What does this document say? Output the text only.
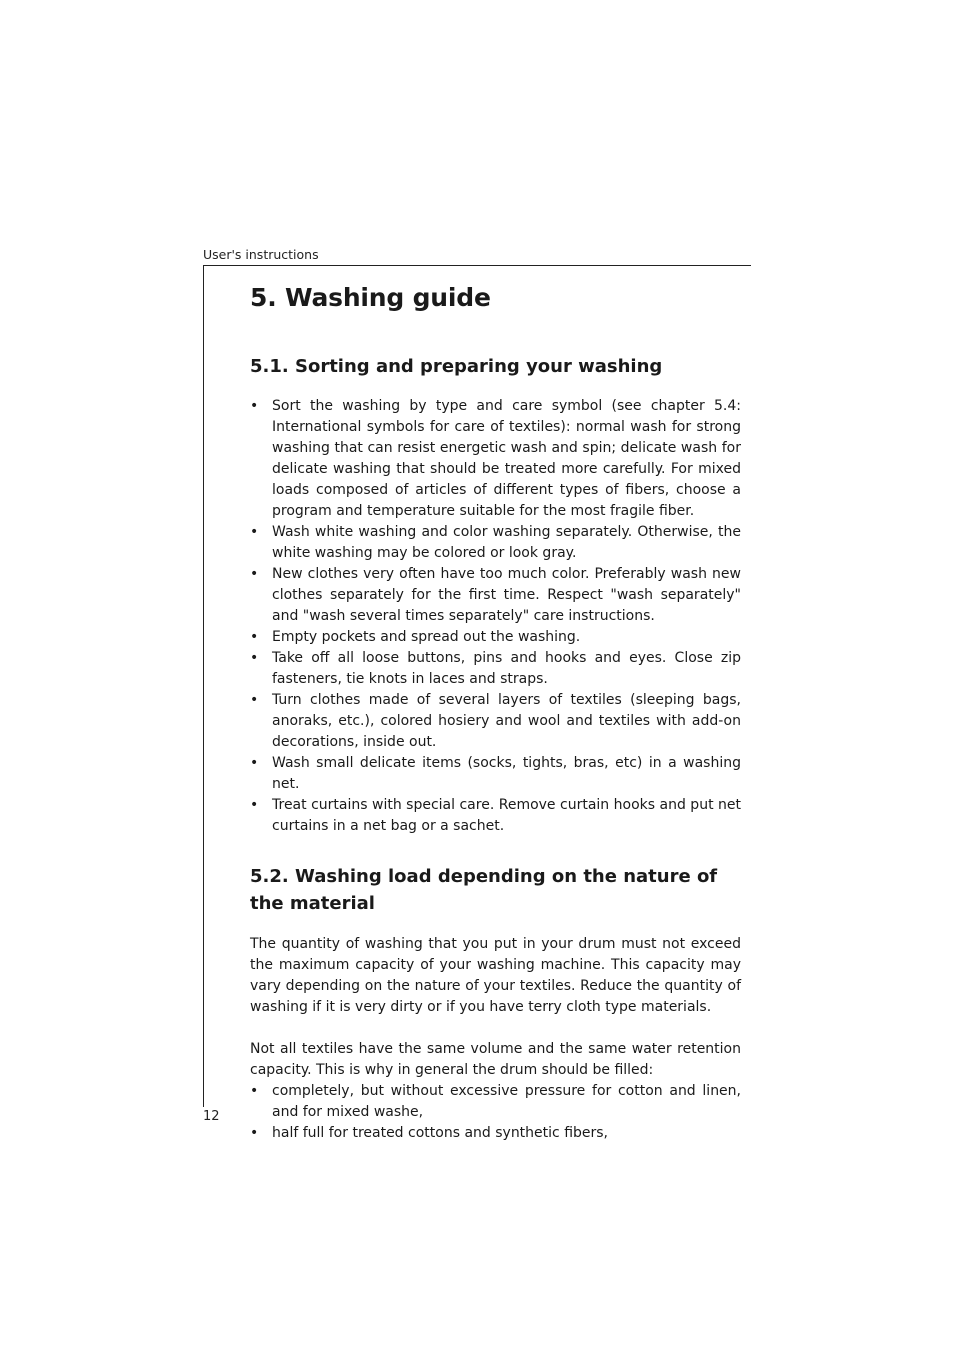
User's instructions
12
5. Washing guide
5.1. Sorting and preparing your washing
• Sort the washing by type and care symbol (see chapter 5.4: International symbols for care of textiles): normal wash for strong washing that can resist energetic wash and spin; delicate wash for delicate washing that should be treated more carefully. For mixed loads composed of articles of different types of fibers, choose a program and temperature suitable for the most fragile fiber.
• Wash white washing and color washing separately. Otherwise, the white washing may be colored or look gray.
• New clothes very often have too much color. Preferably wash new clothes separately for the first time. Respect "wash separately" and "wash several times separately" care instructions.
• Empty pockets and spread out the washing.
• Take off all loose buttons, pins and hooks and eyes. Close zip fasteners, tie knots in laces and straps.
• Turn clothes made of several layers of textiles (sleeping bags, anoraks, etc.), colored hosiery and wool and textiles with add-on decorations, inside out.
• Wash small delicate items (socks, tights, bras, etc) in a washing net.
• Treat curtains with special care. Remove curtain hooks and put net curtains in a net bag or a sachet.
5.2. Washing load depending on the nature of the material

The quantity of washing that you put in your drum must not exceed the maximum capacity of your washing machine. This capacity may vary depending on the nature of your textiles. Reduce the quantity of washing if it is very dirty or if you have terry cloth type materials.

Not all textiles have the same volume and the same water retention capacity. This is why in general the drum should be filled:

• completely, but without excessive pressure for cotton and linen, and for mixed washe,
• half full for treated cottons and synthetic fibers,
